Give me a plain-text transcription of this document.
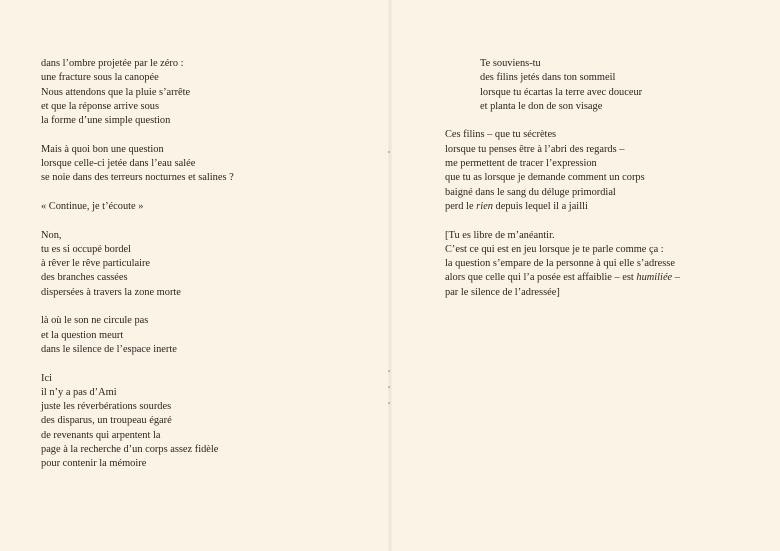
dans l’ombre projetée par le zéro :
une fracture sous la canopée
Nous attendons que la pluie s’arrête
et que la réponse arrive sous
la forme d’une simple question
Mais à quoi bon une question
lorsque celle-ci jetée dans l’eau salée
se noie dans des terreurs nocturnes et salines ?
« Continue, je t’écoute »
Non,
tu es si occupé bordel
à rêver le rêve particulaire
des branches cassées
dispersées à travers la zone morte
là où le son ne circule pas
et la question meurt
dans le silence de l’espace inerte
Ici
il n’y a pas d’Ami
juste les réverbérations sourdes
des disparus, un troupeau égaré
de revenants qui arpentent la
page à la recherche d’un corps assez fidèle
pour contenir la mémoire
Te souviens-tu
des filins jetés dans ton sommeil
lorsque tu écartas la terre avec douceur
et planta le don de son visage
Ces filins – que tu sécrètes
lorsque tu penses être à l’abri des regards –
me permettent de tracer l’expression
que tu as lorsque je demande comment un corps
baigné dans le sang du déluge primordial
perd le rien depuis lequel il a jailli
[Tu es libre de m’anéantir.
C’est ce qui est en jeu lorsque je te parle comme ça :
la question s’empare de la personne à qui elle s’adresse
alors que celle qui l’a posée est affaiblie – est humiliée –
par le silence de l’adressée]
